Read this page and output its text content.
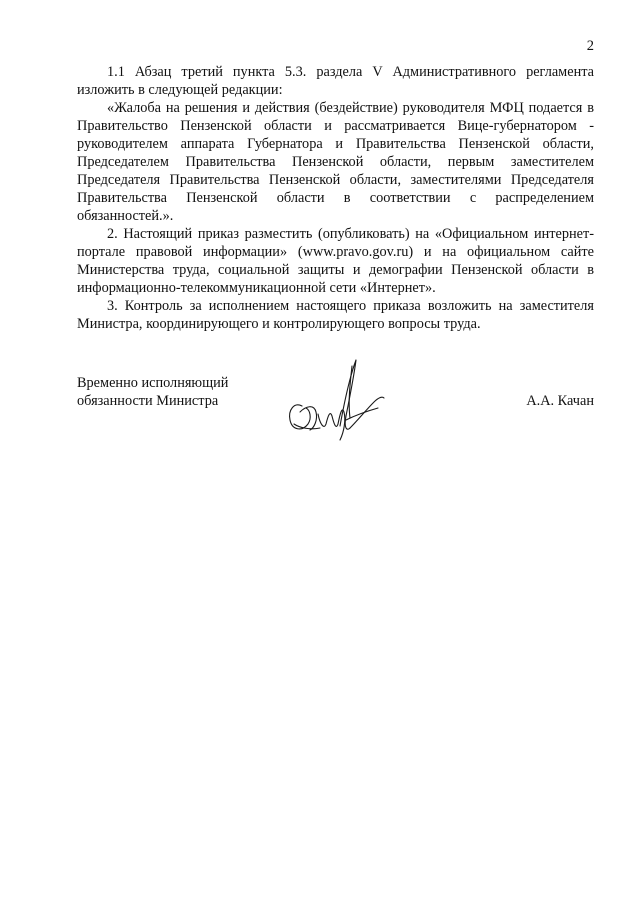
2

1.1 Абзац третий пункта 5.3. раздела V Административного регламента изложить в следующей редакции:

«Жалоба на решения и действия (бездействие) руководителя МФЦ подается в Правительство Пензенской области и рассматривается Вице-губернатором - руководителем аппарата Губернатора и Правительства Пензенской области, Председателем Правительства Пензенской области, первым заместителем Председателя Правительства Пензенской области, заместителями Председателя Правительства Пензенской области в соответствии с распределением обязанностей.».

2. Настоящий приказ разместить (опубликовать) на «Официальном интернет-портале правовой информации» (www.pravo.gov.ru) и на официальном сайте Министерства труда, социальной защиты и демографии Пензенской области в информационно-телекоммуникационной сети «Интернет».

3. Контроль за исполнением настоящего приказа возложить на заместителя Министра, координирующего и контролирующего вопросы труда.

Временно исполняющий
обязанности Министра	А.А. Качан
